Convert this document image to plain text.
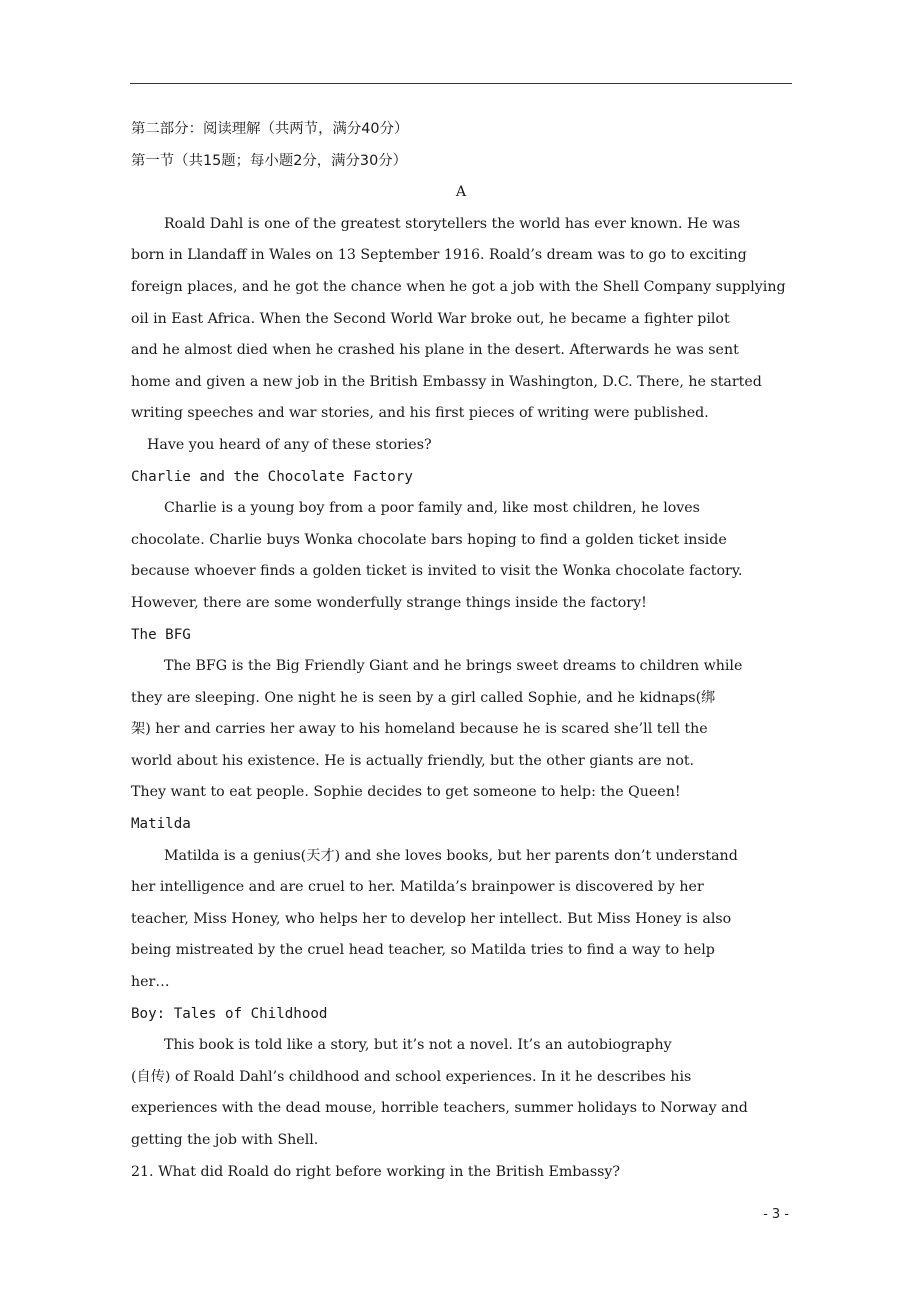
第二部分：阅读理解（共两节，满分40分）
第一节（共15题；每小题2分，满分30分）
A
Roald Dahl is one of the greatest storytellers the world has ever known. He was
born in Llandaff in Wales on 13 September 1916. Roald’s dream was to go to exciting
foreign places, and he got the chance when he got a job with the Shell Company supplying
oil in East Africa. When the Second World War broke out, he became a fighter pilot
and he almost died when he crashed his plane in the desert. Afterwards he was sent
home and given a new job in the British Embassy in Washington, D.C. There, he started
writing speeches and war stories, and his first pieces of writing were published.
Have you heard of any of these stories?
Charlie and the Chocolate Factory
Charlie is a young boy from a poor family and, like most children, he loves
chocolate. Charlie buys Wonka chocolate bars hoping to find a golden ticket inside
because whoever finds a golden ticket is invited to visit the Wonka chocolate factory.
However, there are some wonderfully strange things inside the factory!
The BFG
The BFG is the Big Friendly Giant and he brings sweet dreams to children while
they are sleeping. One night he is seen by a girl called Sophie, and he kidnaps(绑
架) her and carries her away to his homeland because he is scared she’ll tell the
world about his existence. He is actually friendly, but the other giants are not.
They want to eat people. Sophie decides to get someone to help: the Queen!
Matilda
Matilda is a genius(天才) and she loves books, but her parents don’t understand
her intelligence and are cruel to her. Matilda’s brainpower is discovered by her
teacher, Miss Honey, who helps her to develop her intellect. But Miss Honey is also
being mistreated by the cruel head teacher, so Matilda tries to find a way to help
her…
Boy: Tales of Childhood
This book is told like a story, but it’s not a novel. It’s an autobiography
(自传) of Roald Dahl’s childhood and school experiences. In it he describes his
experiences with the dead mouse, horrible teachers, summer holidays to Norway and
getting the job with Shell.
21. What did Roald do right before working in the British Embassy?
- 3 -
